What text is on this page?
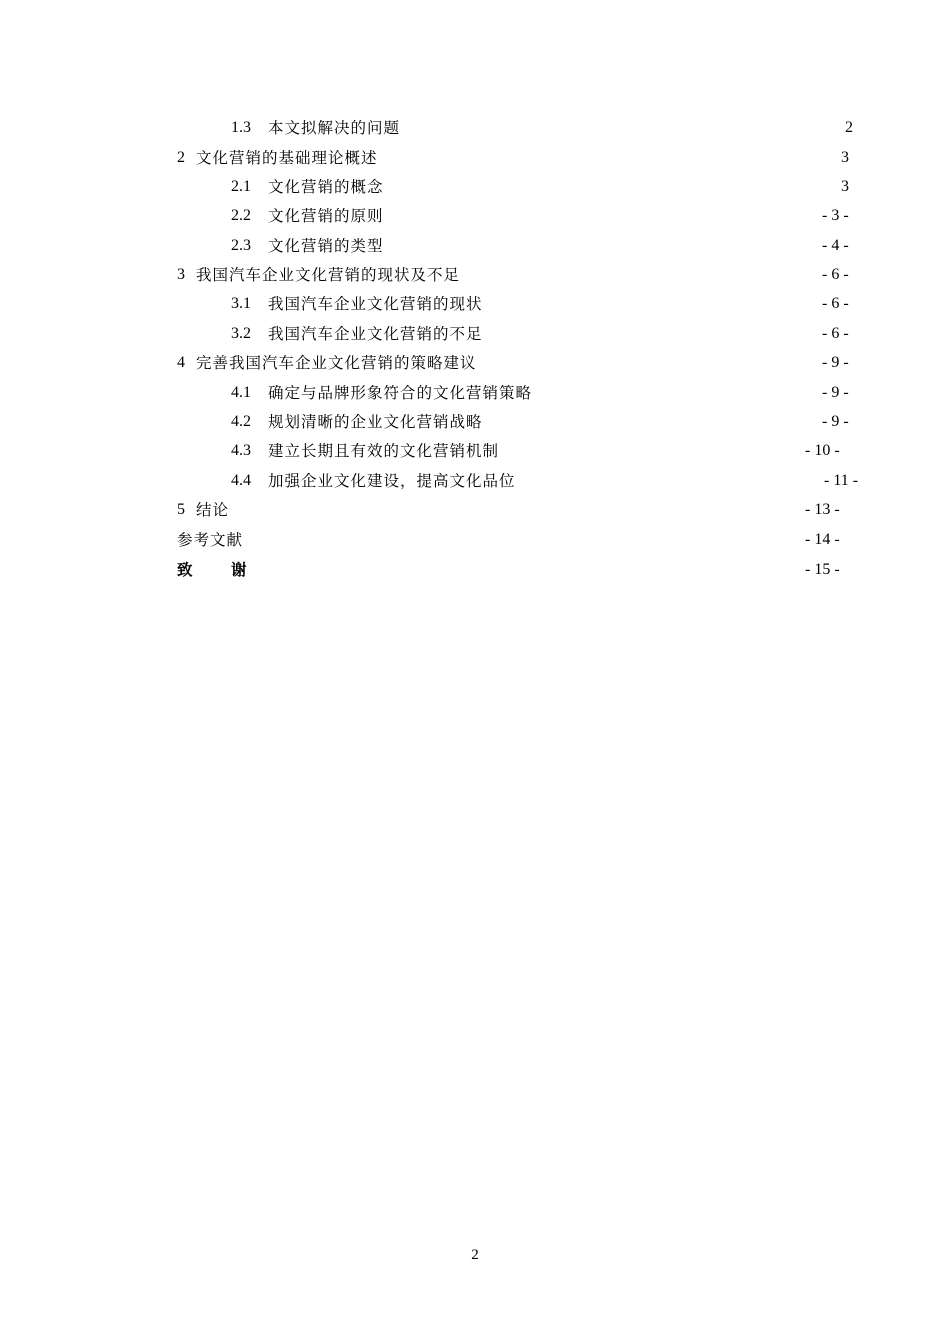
1.3 本文拟解决的问题	2
2 文化营销的基础理论概述	3
2.1 文化营销的概念	3
2.2 文化营销的原则	- 3 -
2.3 文化营销的类型	- 4 -
3 我国汽车企业文化营销的现状及不足	- 6 -
3.1 我国汽车企业文化营销的现状	- 6 -
3.2 我国汽车企业文化营销的不足	- 6 -
4 完善我国汽车企业文化营销的策略建议	- 9 -
4.1 确定与品牌形象符合的文化营销策略	- 9 -
4.2 规划清晰的企业文化营销战略	- 9 -
4.3 建立长期且有效的文化营销机制	- 10 -
4.4 加强企业文化建设，提高文化品位	- 11 -
5 结论	- 13 -
参考文献	- 14 -
致 谢	- 15 -
2
